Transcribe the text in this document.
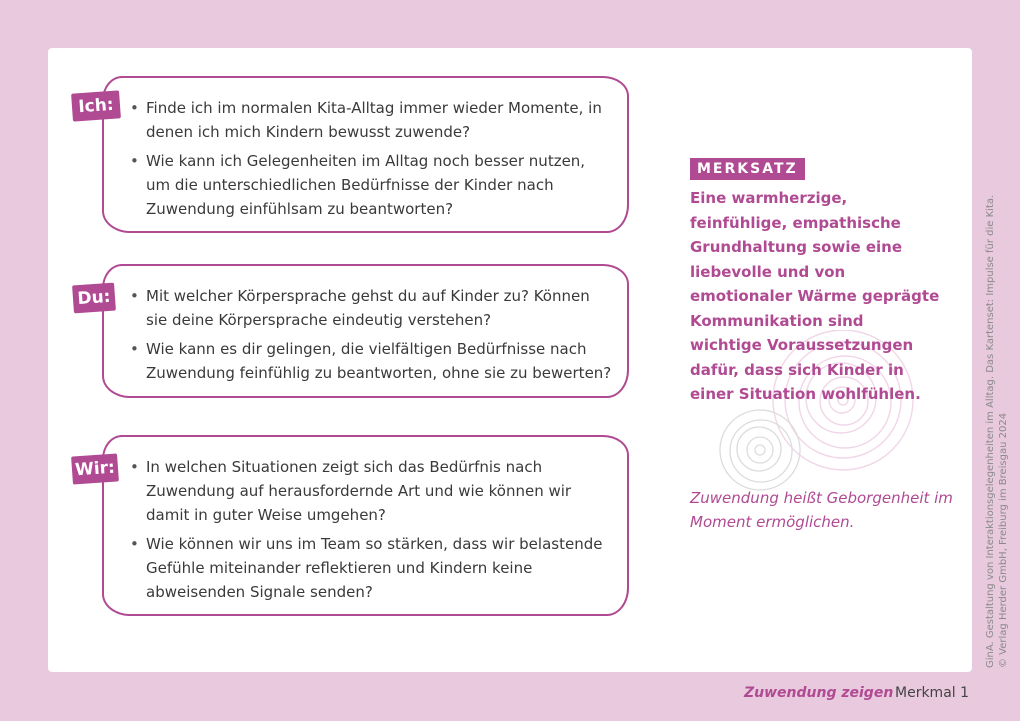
• Finde ich im normalen Kita-Alltag immer wieder Momente, in denen ich mich Kindern bewusst zuwende?
• Wie kann ich Gelegenheiten im Alltag noch besser nutzen, um die unterschiedlichen Bedürfnisse der Kinder nach Zuwendung einfühlsam zu beantworten?
Ich:
• Mit welcher Körpersprache gehst du auf Kinder zu? Können sie deine Körpersprache eindeutig verstehen?
• Wie kann es dir gelingen, die vielfältigen Bedürfnisse nach Zuwendung feinfühlig zu beantworten, ohne sie zu bewerten?
Du:
• In welchen Situationen zeigt sich das Bedürfnis nach Zuwendung auf herausfordernde Art und wie können wir damit in guter Weise umgehen?
• Wie können wir uns im Team so stärken, dass wir belastende Gefühle miteinander reflektieren und Kindern keine abweisenden Signale senden?
Wir:
MERKSATZ
Eine warmherzige, feinfühlige, empathische Grundhaltung sowie eine liebevolle und von emotionaler Wärme geprägte Kommunikation sind wichtige Voraussetzungen dafür, dass sich Kinder in einer Situation wohlfühlen.
Zuwendung heißt Geborgenheit im Moment ermöglichen.	GinA. Gestaltung von Interaktionsgelegenheiten im Alltag. Das Kartenset: Impulse für die Kita. © Verlag Herder GmbH, Freiburg im Breisgau 2024
Zuwendung zeigen Merkmal 1
